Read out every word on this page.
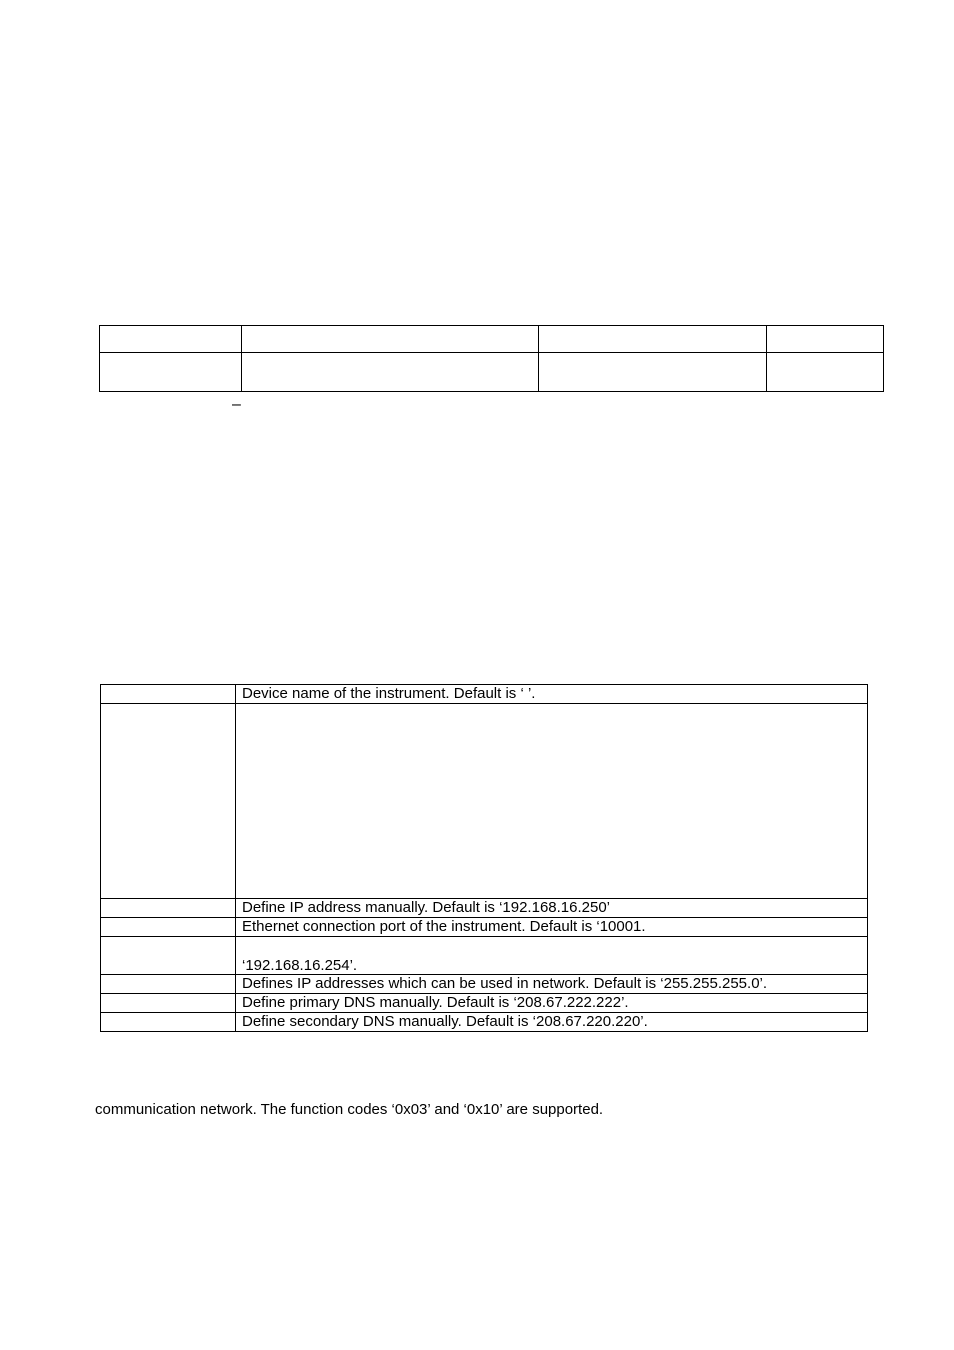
–
	Device name of the instrument. Default is ‘ ’.

	Define IP address manually. Default is ‘192.168.16.250’
	Ethernet connection port of the instrument. Default is ‘10001.
	‘192.168.16.254’.
	Defines IP addresses which can be used in network. Default is ‘255.255.255.0’.
	Define primary DNS manually. Default is ‘208.67.222.222’.
	Define secondary DNS manually. Default is ‘208.67.220.220’.
communication network. The function codes ‘0x03’ and ‘0x10’ are supported.
